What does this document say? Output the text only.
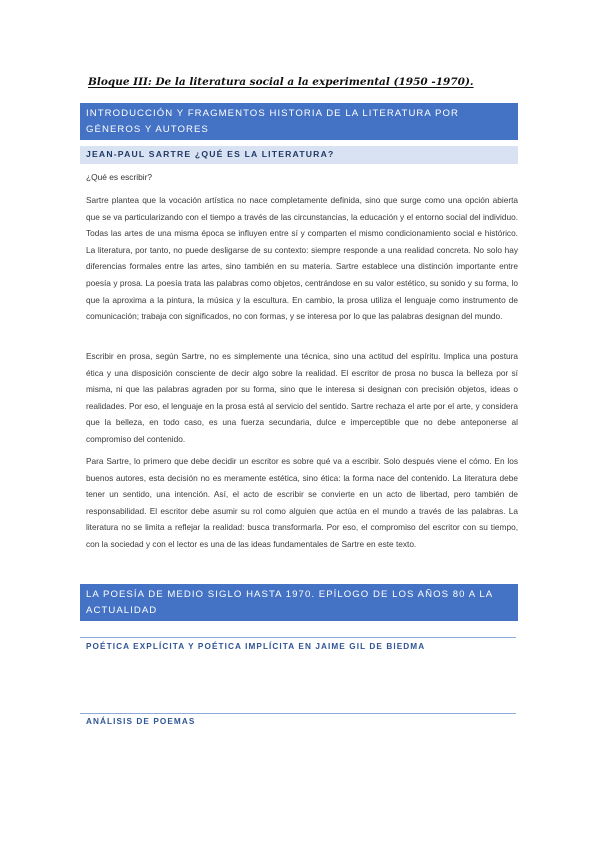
Bloque III: De la literatura social a la experimental (1950 -1970).
INTRODUCCIÓN Y FRAGMENTOS HISTORIA DE LA LITERATURA POR GÉNEROS Y AUTORES
JEAN-PAUL SARTRE ¿QUÉ ES LA LITERATURA?
¿Qué es escribir?
Sartre plantea que la vocación artística no nace completamente definida, sino que surge como una opción abierta que se va particularizando con el tiempo a través de las circunstancias, la educación y el entorno social del individuo. Todas las artes de una misma época se influyen entre sí y comparten el mismo condicionamiento social e histórico. La literatura, por tanto, no puede desligarse de su contexto: siempre responde a una realidad concreta. No solo hay diferencias formales entre las artes, sino también en su materia. Sartre establece una distinción importante entre poesía y prosa. La poesía trata las palabras como objetos, centrándose en su valor estético, su sonido y su forma, lo que la aproxima a la pintura, la música y la escultura. En cambio, la prosa utiliza el lenguaje como instrumento de comunicación; trabaja con significados, no con formas, y se interesa por lo que las palabras designan del mundo.
Escribir en prosa, según Sartre, no es simplemente una técnica, sino una actitud del espíritu. Implica una postura ética y una disposición consciente de decir algo sobre la realidad. El escritor de prosa no busca la belleza por sí misma, ni que las palabras agraden por su forma, sino que le interesa si designan con precisión objetos, ideas o realidades. Por eso, el lenguaje en la prosa está al servicio del sentido. Sartre rechaza el arte por el arte, y considera que la belleza, en todo caso, es una fuerza secundaria, dulce e imperceptible que no debe anteponerse al compromiso del contenido.
Para Sartre, lo primero que debe decidir un escritor es sobre qué va a escribir. Solo después viene el cómo. En los buenos autores, esta decisión no es meramente estética, sino ética: la forma nace del contenido. La literatura debe tener un sentido, una intención. Así, el acto de escribir se convierte en un acto de libertad, pero también de responsabilidad. El escritor debe asumir su rol como alguien que actúa en el mundo a través de las palabras. La literatura no se limita a reflejar la realidad: busca transformarla. Por eso, el compromiso del escritor con su tiempo, con la sociedad y con el lector es una de las ideas fundamentales de Sartre en este texto.
LA POESÍA DE MEDIO SIGLO HASTA 1970. EPÍLOGO DE LOS AÑOS 80 A LA ACTUALIDAD
POÉTICA EXPLÍCITA Y POÉTICA IMPLÍCITA EN JAIME GIL DE BIEDMA
ANÁLISIS DE POEMAS
